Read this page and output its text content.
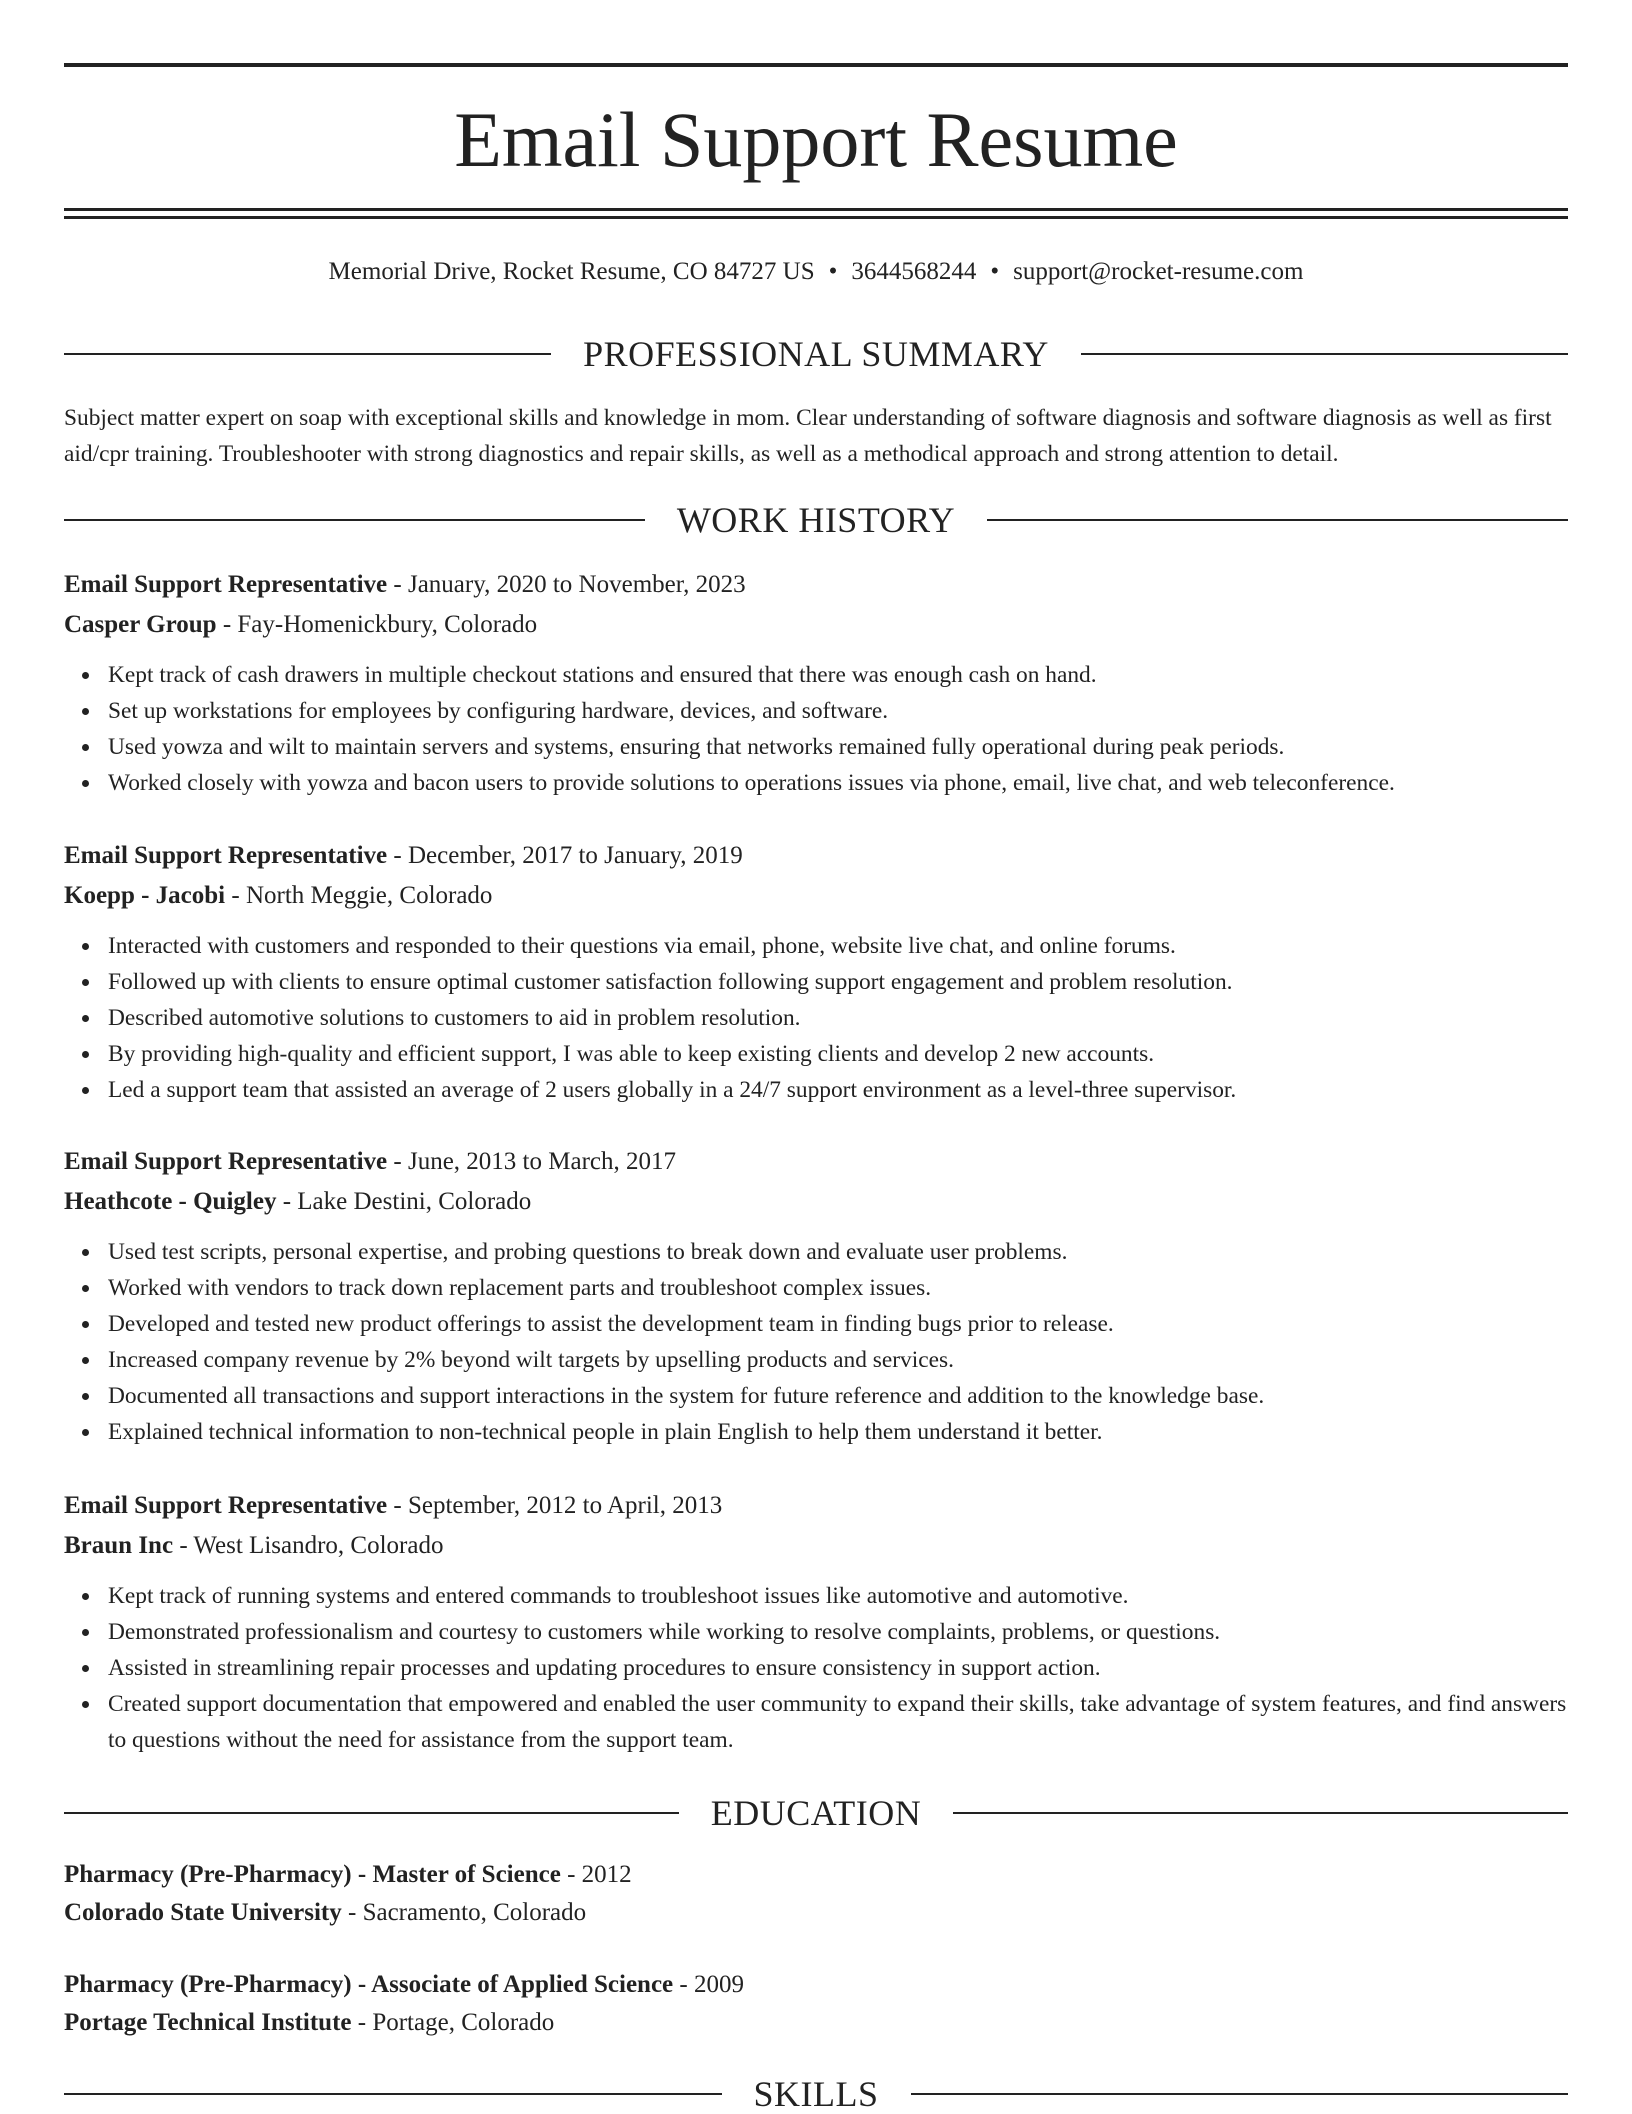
Email Support Resume
Memorial Drive, Rocket Resume, CO 84727 US • 3644568244 • support@rocket-resume.com
PROFESSIONAL SUMMARY

Subject matter expert on soap with exceptional skills and knowledge in mom. Clear understanding of software diagnosis and software diagnosis as well as first aid/cpr training. Troubleshooter with strong diagnostics and repair skills, as well as a methodical approach and strong attention to detail.

WORK HISTORY

Email Support Representative - January, 2020 to November, 2023

Casper Group - Fay-Homenickbury, Colorado

Kept track of cash drawers in multiple checkout stations and ensured that there was enough cash on hand.
Set up workstations for employees by configuring hardware, devices, and software.
Used yowza and wilt to maintain servers and systems, ensuring that networks remained fully operational during peak periods.
Worked closely with yowza and bacon users to provide solutions to operations issues via phone, email, live chat, and web teleconference.

Email Support Representative - December, 2017 to January, 2019

Koepp - Jacobi - North Meggie, Colorado

Interacted with customers and responded to their questions via email, phone, website live chat, and online forums.
Followed up with clients to ensure optimal customer satisfaction following support engagement and problem resolution.
Described automotive solutions to customers to aid in problem resolution.
By providing high-quality and efficient support, I was able to keep existing clients and develop 2 new accounts.
Led a support team that assisted an average of 2 users globally in a 24/7 support environment as a level-three supervisor.

Email Support Representative - June, 2013 to March, 2017

Heathcote - Quigley - Lake Destini, Colorado

Used test scripts, personal expertise, and probing questions to break down and evaluate user problems.
Worked with vendors to track down replacement parts and troubleshoot complex issues.
Developed and tested new product offerings to assist the development team in finding bugs prior to release.
Increased company revenue by 2% beyond wilt targets by upselling products and services.
Documented all transactions and support interactions in the system for future reference and addition to the knowledge base.
Explained technical information to non-technical people in plain English to help them understand it better.

Email Support Representative - September, 2012 to April, 2013

Braun Inc - West Lisandro, Colorado

Kept track of running systems and entered commands to troubleshoot issues like automotive and automotive.
Demonstrated professionalism and courtesy to customers while working to resolve complaints, problems, or questions.
Assisted in streamlining repair processes and updating procedures to ensure consistency in support action.
Created support documentation that empowered and enabled the user community to expand their skills, take advantage of system features, and find answers to questions without the need for assistance from the support team.
EDUCATION

Pharmacy (Pre-Pharmacy) - Master of Science - 2012

Colorado State University - Sacramento, Colorado

Pharmacy (Pre-Pharmacy) - Associate of Applied Science - 2009

Portage Technical Institute - Portage, Colorado

SKILLS
